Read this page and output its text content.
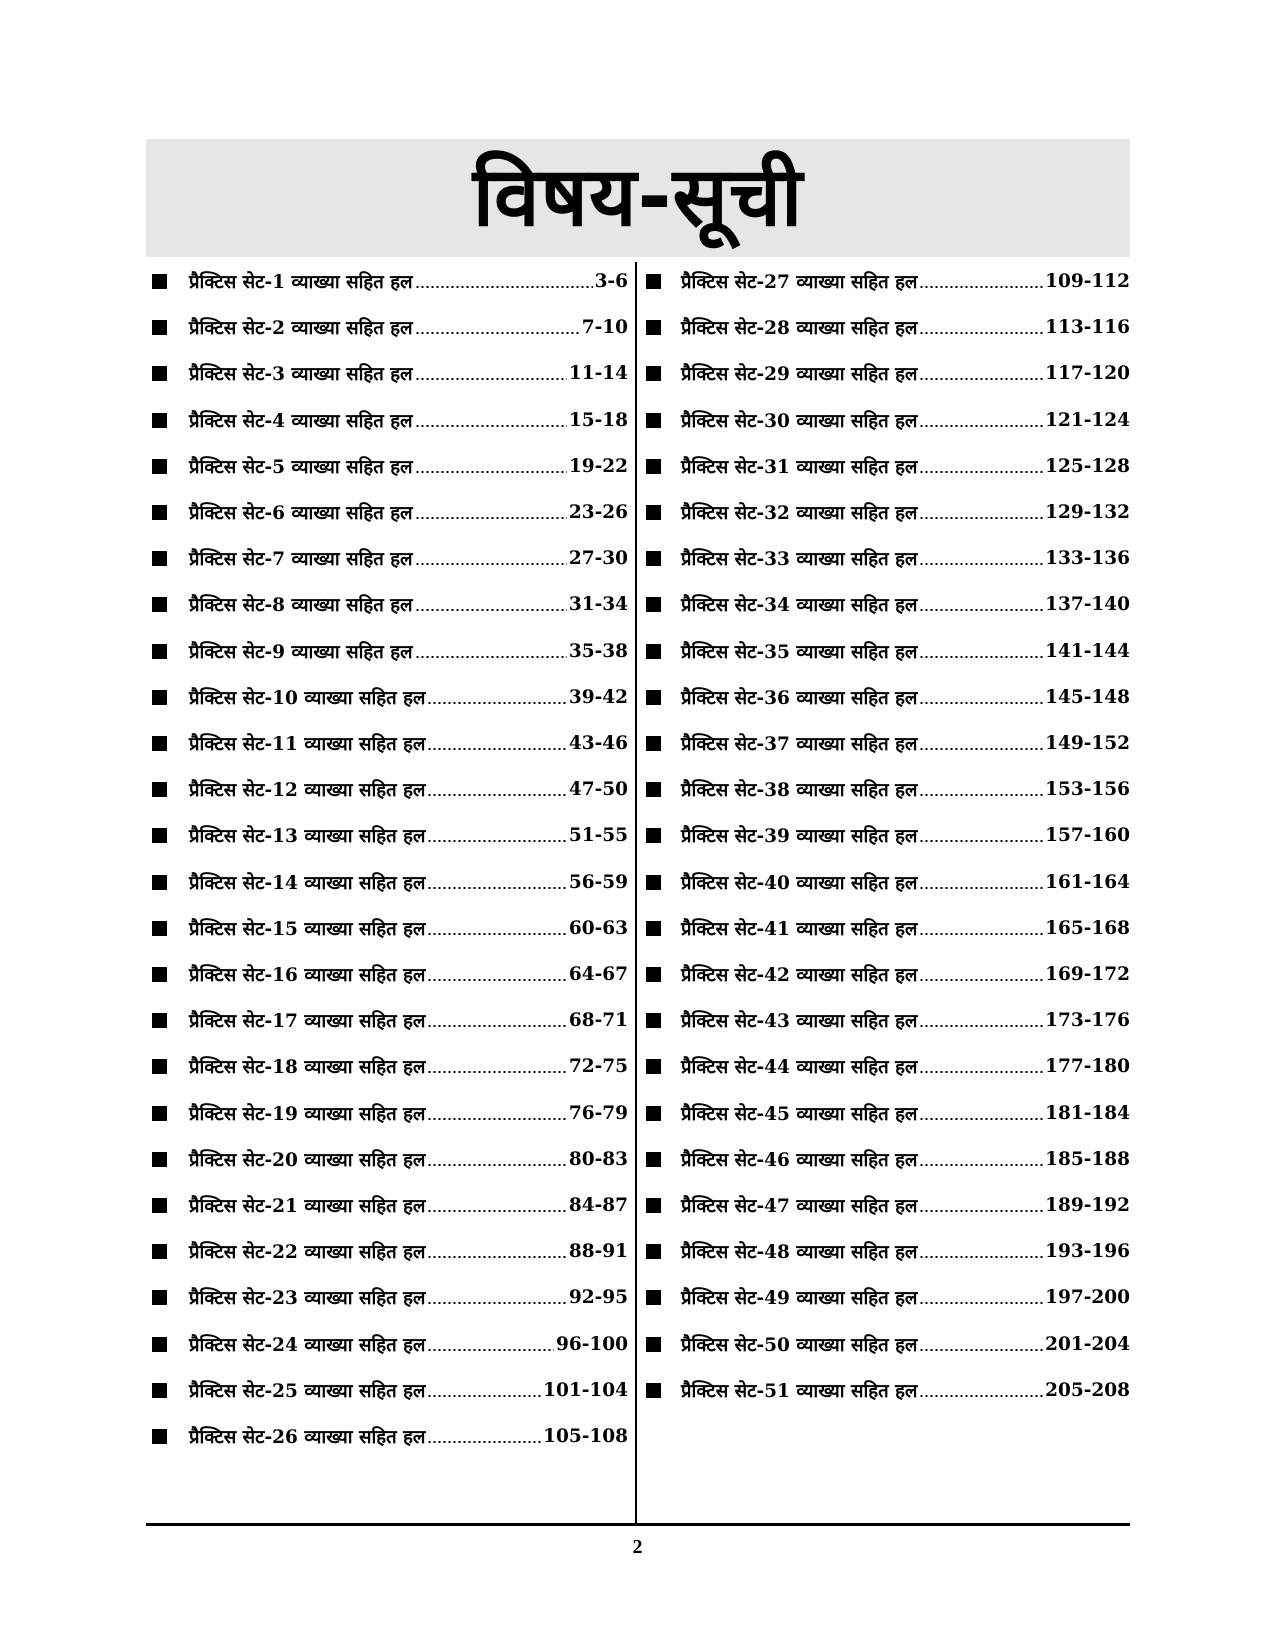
विषय-सूची
प्रैक्टिस सेट-1 व्याख्या सहित हल	3-6
प्रैक्टिस सेट-2 व्याख्या सहित हल	7-10
प्रैक्टिस सेट-3 व्याख्या सहित हल	11-14
प्रैक्टिस सेट-4 व्याख्या सहित हल	15-18
प्रैक्टिस सेट-5 व्याख्या सहित हल	19-22
प्रैक्टिस सेट-6 व्याख्या सहित हल	23-26
प्रैक्टिस सेट-7 व्याख्या सहित हल	27-30
प्रैक्टिस सेट-8 व्याख्या सहित हल	31-34
प्रैक्टिस सेट-9 व्याख्या सहित हल	35-38
प्रैक्टिस सेट-10 व्याख्या सहित हल	39-42
प्रैक्टिस सेट-11 व्याख्या सहित हल	43-46
प्रैक्टिस सेट-12 व्याख्या सहित हल	47-50
प्रैक्टिस सेट-13 व्याख्या सहित हल	51-55
प्रैक्टिस सेट-14 व्याख्या सहित हल	56-59
प्रैक्टिस सेट-15 व्याख्या सहित हल	60-63
प्रैक्टिस सेट-16 व्याख्या सहित हल	64-67
प्रैक्टिस सेट-17 व्याख्या सहित हल	68-71
प्रैक्टिस सेट-18 व्याख्या सहित हल	72-75
प्रैक्टिस सेट-19 व्याख्या सहित हल	76-79
प्रैक्टिस सेट-20 व्याख्या सहित हल	80-83
प्रैक्टिस सेट-21 व्याख्या सहित हल	84-87
प्रैक्टिस सेट-22 व्याख्या सहित हल	88-91
प्रैक्टिस सेट-23 व्याख्या सहित हल	92-95
प्रैक्टिस सेट-24 व्याख्या सहित हल	96-100
प्रैक्टिस सेट-25 व्याख्या सहित हल	101-104
प्रैक्टिस सेट-26 व्याख्या सहित हल	105-108
प्रैक्टिस सेट-27 व्याख्या सहित हल	109-112
प्रैक्टिस सेट-28 व्याख्या सहित हल	113-116
प्रैक्टिस सेट-29 व्याख्या सहित हल	117-120
प्रैक्टिस सेट-30 व्याख्या सहित हल	121-124
प्रैक्टिस सेट-31 व्याख्या सहित हल	125-128
प्रैक्टिस सेट-32 व्याख्या सहित हल	129-132
प्रैक्टिस सेट-33 व्याख्या सहित हल	133-136
प्रैक्टिस सेट-34 व्याख्या सहित हल	137-140
प्रैक्टिस सेट-35 व्याख्या सहित हल	141-144
प्रैक्टिस सेट-36 व्याख्या सहित हल	145-148
प्रैक्टिस सेट-37 व्याख्या सहित हल	149-152
प्रैक्टिस सेट-38 व्याख्या सहित हल	153-156
प्रैक्टिस सेट-39 व्याख्या सहित हल	157-160
प्रैक्टिस सेट-40 व्याख्या सहित हल	161-164
प्रैक्टिस सेट-41 व्याख्या सहित हल	165-168
प्रैक्टिस सेट-42 व्याख्या सहित हल	169-172
प्रैक्टिस सेट-43 व्याख्या सहित हल	173-176
प्रैक्टिस सेट-44 व्याख्या सहित हल	177-180
प्रैक्टिस सेट-45 व्याख्या सहित हल	181-184
प्रैक्टिस सेट-46 व्याख्या सहित हल	185-188
प्रैक्टिस सेट-47 व्याख्या सहित हल	189-192
प्रैक्टिस सेट-48 व्याख्या सहित हल	193-196
प्रैक्टिस सेट-49 व्याख्या सहित हल	197-200
प्रैक्टिस सेट-50 व्याख्या सहित हल	201-204
प्रैक्टिस सेट-51 व्याख्या सहित हल	205-208
2
